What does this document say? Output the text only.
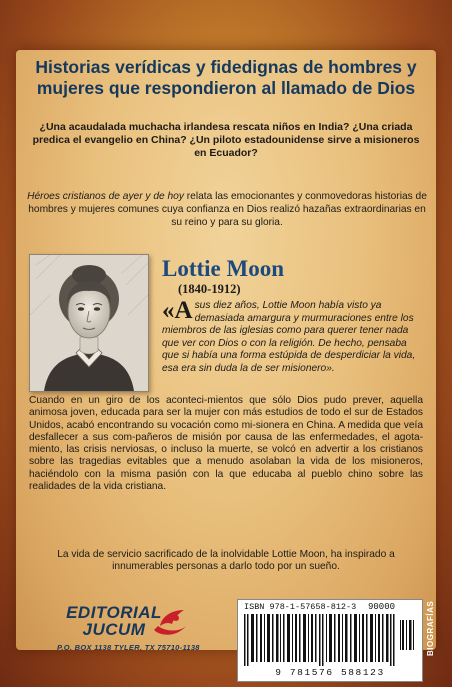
Historias verídicas y fidedignas de hombres y mujeres que respondieron al llamado de Dios

¿Una acaudalada muchacha irlandesa rescata niños en India? ¿Una criada predica el evangelio en China? ¿Un piloto estadounidense sirve a misioneros en Ecuador?

Héroes cristianos de ayer y de hoy relata las emocionantes y conmovedoras historias de hombres y mujeres comunes cuya confianza en Dios realizó hazañas extraordinarias en su reino y para su gloria.

Lottie Moon

(1840-1912)

«A sus diez años, Lottie Moon había visto ya demasiada amargura y murmuraciones entre los miembros de las iglesias como para querer tener nada que ver con Dios o con la religión. De hecho, pensaba que si había una forma estúpida de desperdiciar la vida, esa era sin duda la de ser misionero».

Cuando en un giro de los aconteci-mientos que sólo Dios pudo prever, aquella animosa joven, educada para ser la mujer con más estudios de todo el sur de Estados Unidos, acabó encontrando su vocación como mi-sionera en China. A medida que veía desfallecer a sus com-pañeros de misión por causa de las enfermedades, el agota-miento, las crisis nerviosas, o incluso la muerte, se volcó en advertir a los cristianos sobre las tragedias evitables que a menudo asolaban la vida de los misioneros, haciéndolo con la misma pasión con la que educaba al pueblo chino sobre las realidades de la vida cristiana.

La vida de servicio sacrificado de la inolvidable Lottie Moon, ha inspirado a innumerables personas a darlo todo por un sueño.

EDITORIAL JUCUM

P.O. BOX 1138 TYLER, TX 75710-1138

ISBN 978-1-57658-812-3 90000

9 781576 588123

BIOGRAFÍAS
